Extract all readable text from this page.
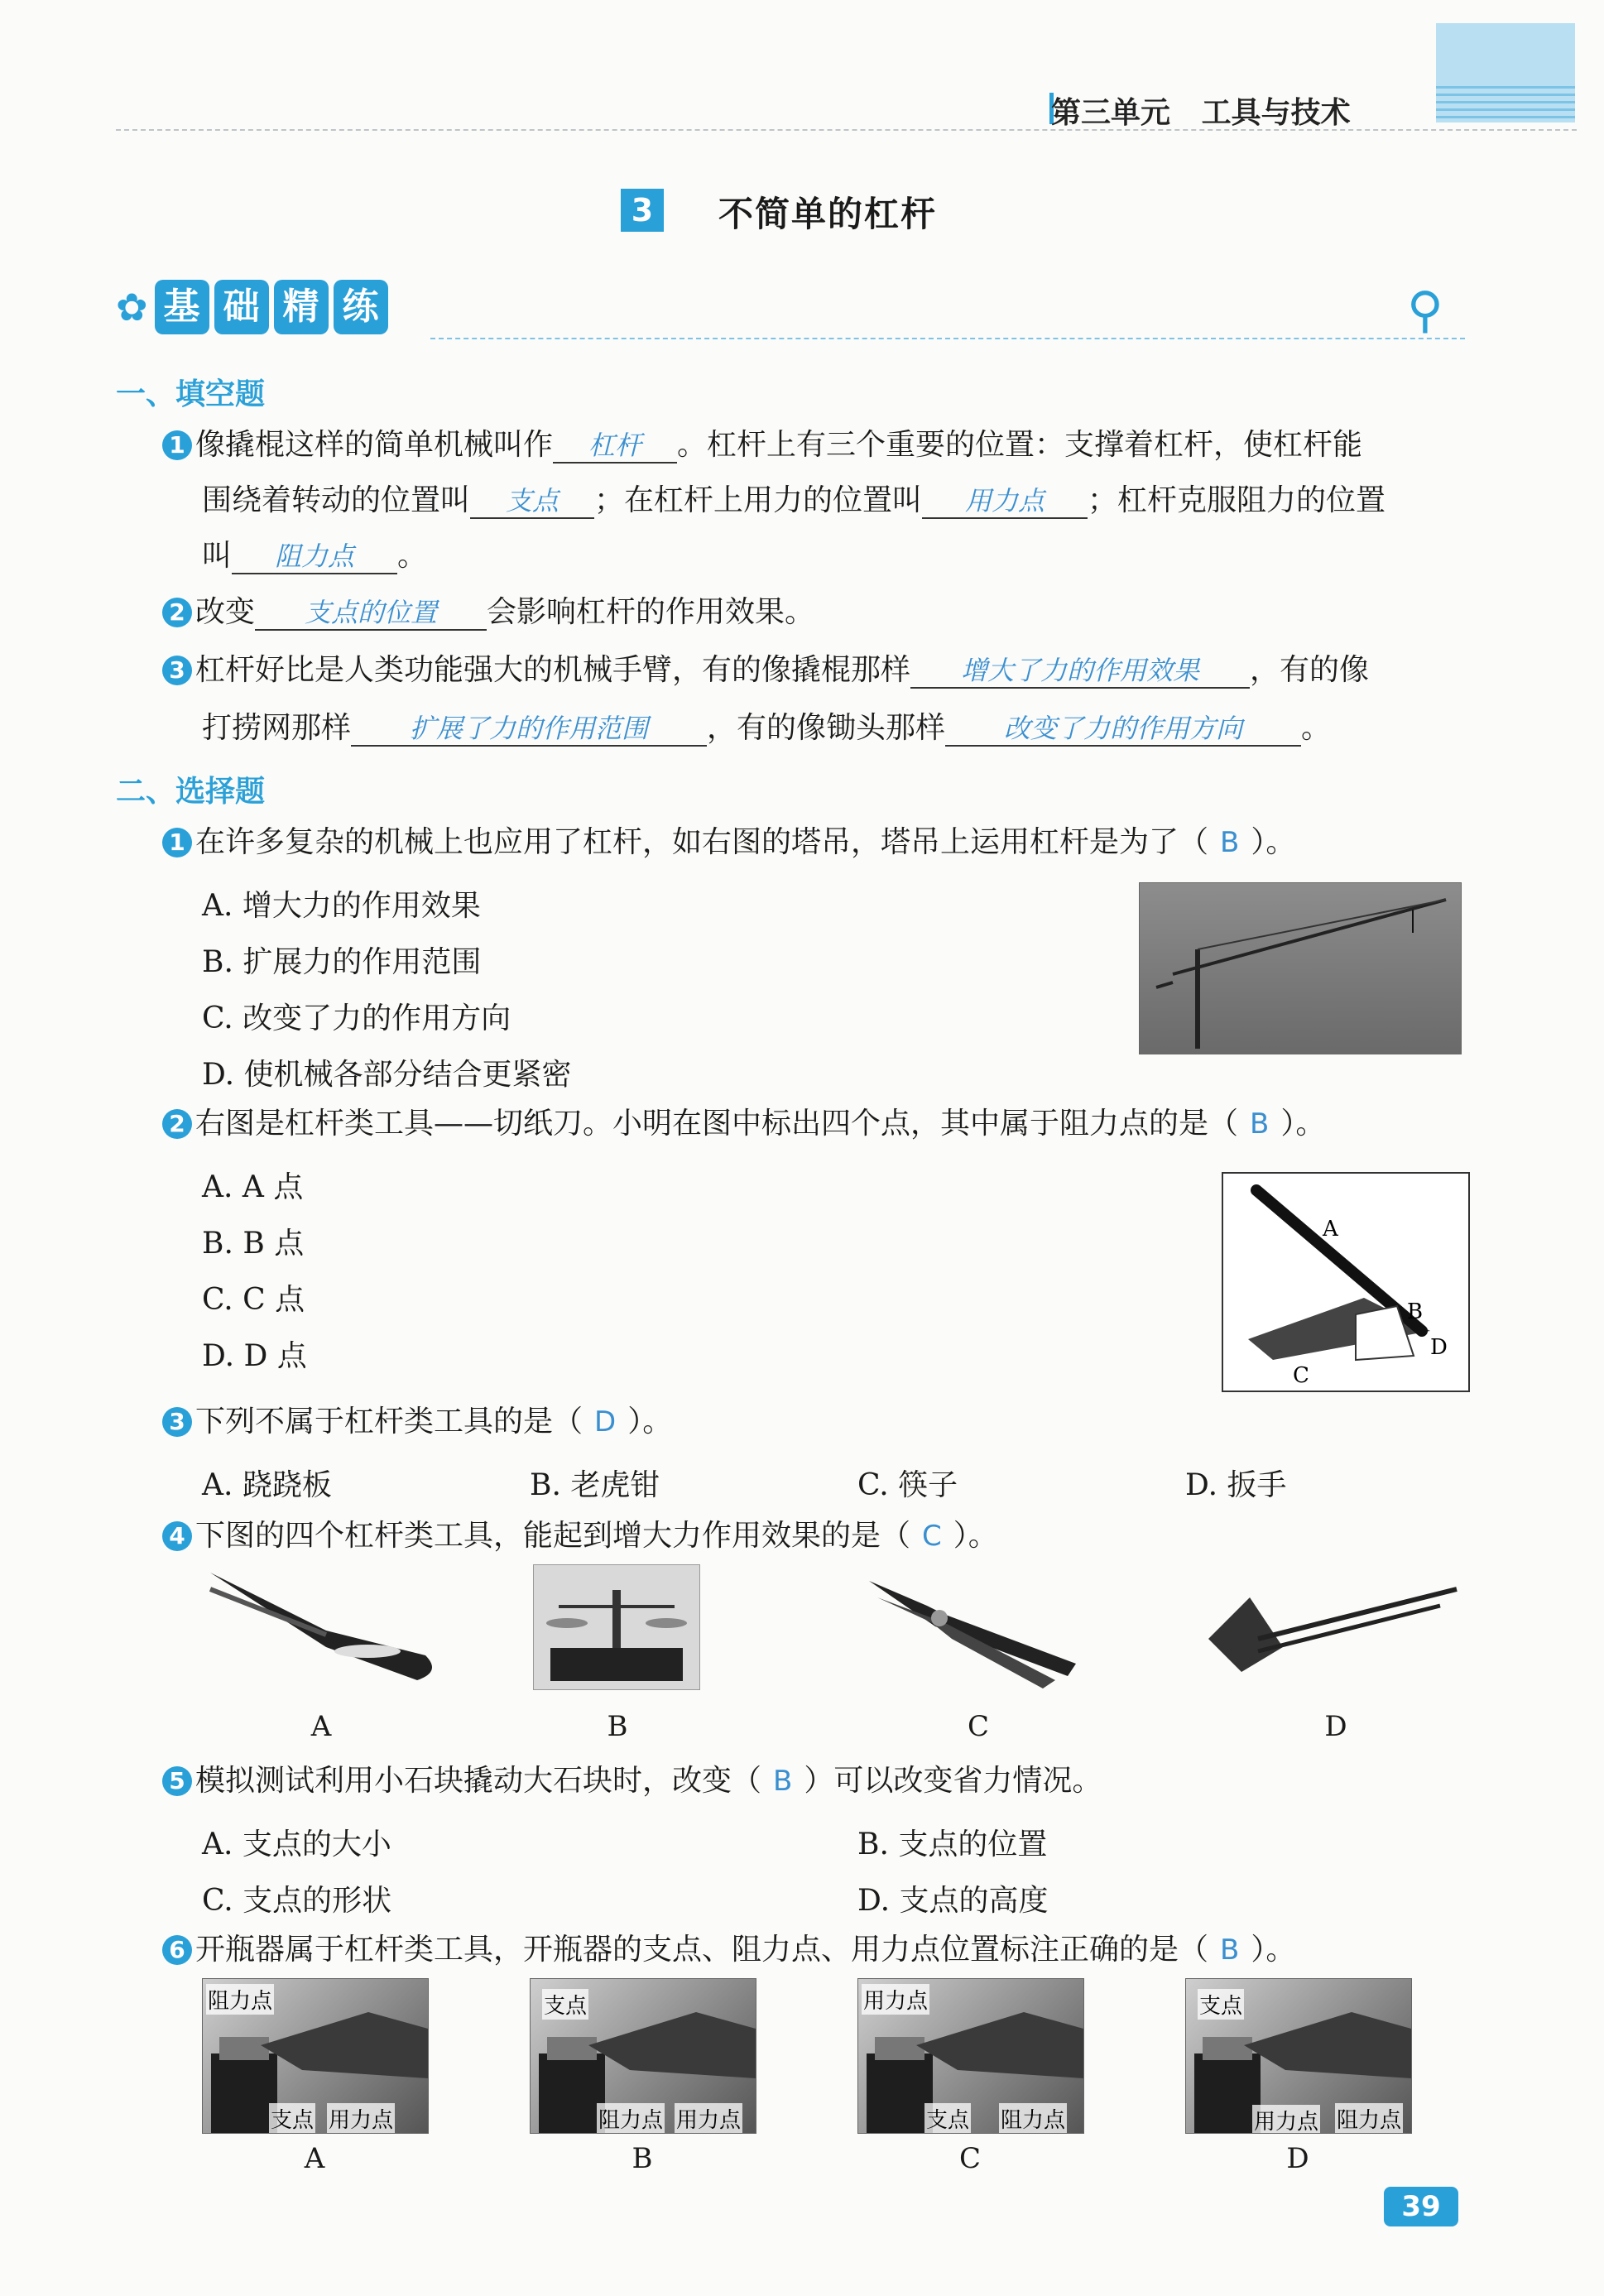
第三单元 工具与技术
3	不简单的杠杆
✿ 基 础 精 练	⚲
一、填空题
1 像撬棍这样的简单机械叫作 杠杆 。杠杆上有三个重要的位置：支撑着杠杆，使杠杆能
围绕着转动的位置叫 支点 ；在杠杆上用力的位置叫 用力点 ；杠杆克服阻力的位置
叫 阻力点 。
2 改变 支点的位置 会影响杠杆的作用效果。
3 杠杆好比是人类功能强大的机械手臂，有的像撬棍那样 增大了力的作用效果 ，有的像
打捞网那样 扩展了力的作用范围 ，有的像锄头那样 改变了力的作用方向 。
二、选择题
1 在许多复杂的机械上也应用了杠杆，如右图的塔吊，塔吊上运用杠杆是为了（ B ）。
A. 增大力的作用效果
B. 扩展力的作用范围
C. 改变了力的作用方向
D. 使机械各部分结合更紧密
2 右图是杠杆类工具——切纸刀。小明在图中标出四个点，其中属于阻力点的是（ B ）。
A. A 点
B. B 点
C. C 点
D. D 点
A
B
C
D
3 下列不属于杠杆类工具的是（ D ）。
A. 跷跷板	B. 老虎钳	C. 筷子	D. 扳手
4 下图的四个杠杆类工具，能起到增大力作用效果的是（ C ）。
A	B	C	D
5 模拟测试利用小石块撬动大石块时，改变（ B ）可以改变省力情况。
A. 支点的大小	B. 支点的位置
C. 支点的形状	D. 支点的高度
6 开瓶器属于杠杆类工具，开瓶器的支点、阻力点、用力点位置标注正确的是（ B ）。
阻力点
支点 用力点
支点
阻力点 用力点
用力点
支点 阻力点
支点
用力点 阻力点
A	B	C	D
39
